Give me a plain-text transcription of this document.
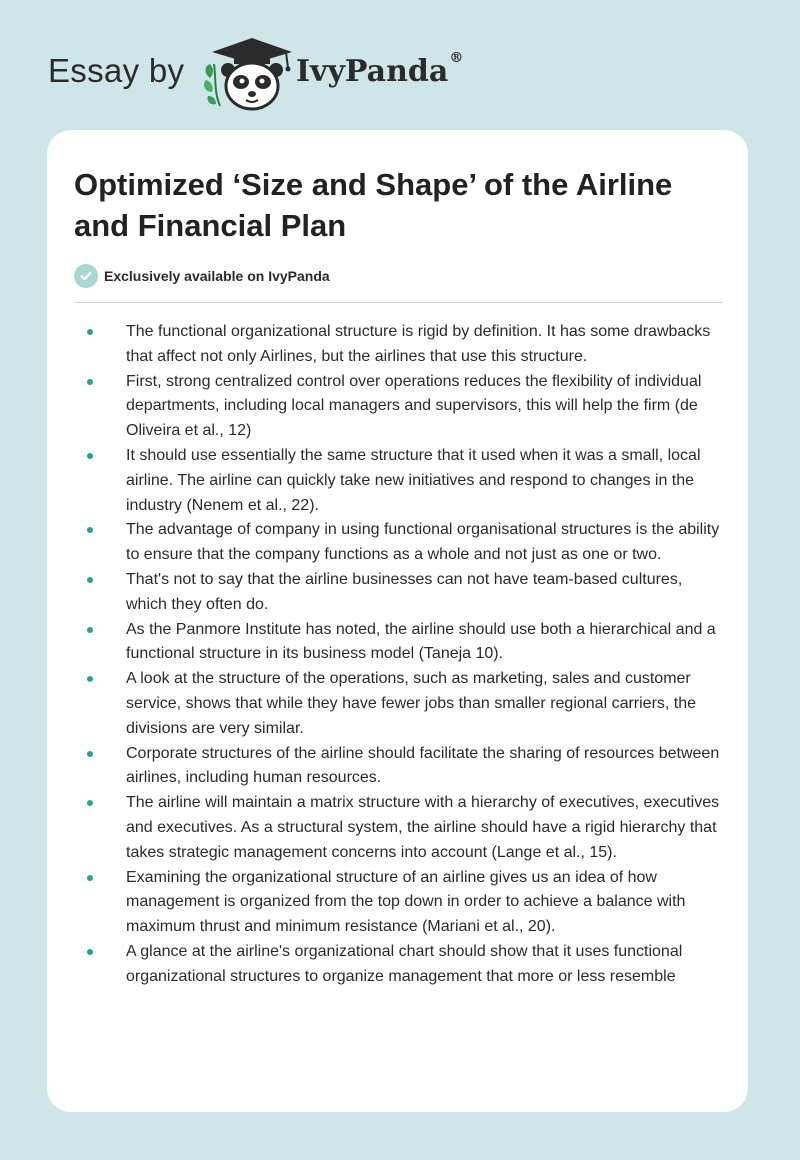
Essay by	IvyPanda®
Optimized ‘Size and Shape’ of the Airline and Financial Plan
Exclusively available on IvyPanda
The functional organizational structure is rigid by definition. It has some drawbacks that affect not only Airlines, but the airlines that use this structure.
First, strong centralized control over operations reduces the flexibility of individual departments, including local managers and supervisors, this will help the firm (de Oliveira et al., 12)
It should use essentially the same structure that it used when it was a small, local airline. The airline can quickly take new initiatives and respond to changes in the industry (Nenem et al., 22).
The advantage of company in using functional organisational structures is the ability to ensure that the company functions as a whole and not just as one or two.
That's not to say that the airline businesses can not have team-based cultures, which they often do.
As the Panmore Institute has noted, the airline should use both a hierarchical and a functional structure in its business model (Taneja 10).
A look at the structure of the operations, such as marketing, sales and customer service, shows that while they have fewer jobs than smaller regional carriers, the divisions are very similar.
Corporate structures of the airline should facilitate the sharing of resources between airlines, including human resources.
The airline will maintain a matrix structure with a hierarchy of executives, executives and executives. As a structural system, the airline should have a rigid hierarchy that takes strategic management concerns into account (Lange et al., 15).
Examining the organizational structure of an airline gives us an idea of how management is organized from the top down in order to achieve a balance with maximum thrust and minimum resistance (Mariani et al., 20).
A glance at the airline's organizational chart should show that it uses functional organizational structures to organize management that more or less resemble
